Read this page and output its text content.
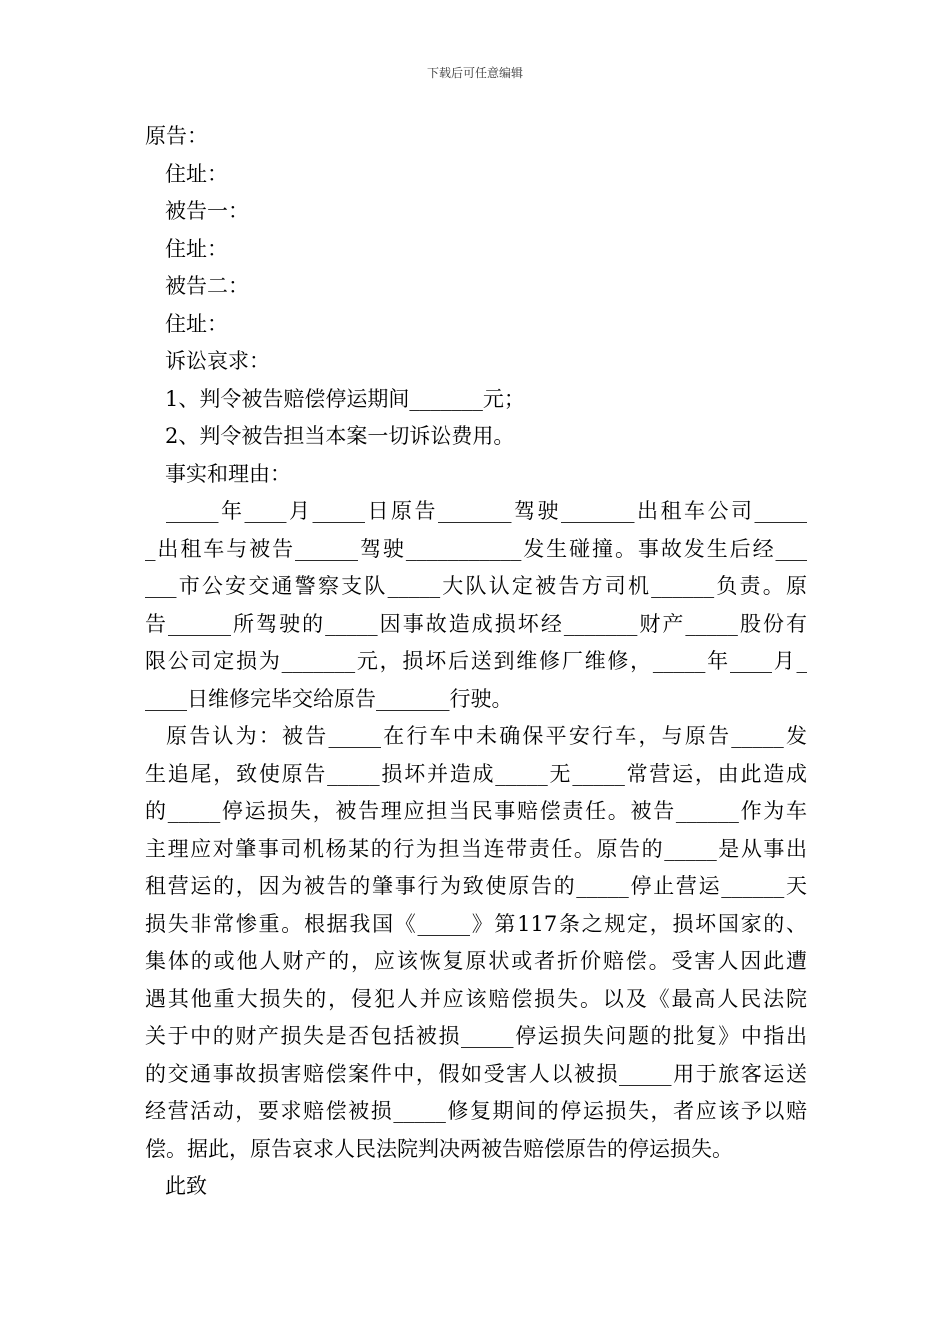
下载后可任意编辑
原告：
住址：
被告一：
住址：
被告二：
住址：
诉讼哀求：
1、判令被告赔偿停运期间_______元；
2、判令被告担当本案一切诉讼费用。
事实和理由：
_____年____月_____日原告_______驾驶_______出租车公司_____
_出租车与被告______驾驶___________发生碰撞。事故发生后经___
___市公安交通警察支队_____大队认定被告方司机______负责。原
告______所驾驶的_____因事故造成损坏经_______财产_____股份有
限公司定损为_______元，损坏后送到维修厂维修，_____年____月_
____日维修完毕交给原告_______行驶。
原告认为：被告_____在行车中未确保平安行车，与原告_____发
生追尾，致使原告_____损坏并造成_____无_____常营运，由此造成
的_____停运损失，被告理应担当民事赔偿责任。被告______作为车
主理应对肇事司机杨某的行为担当连带责任。原告的_____是从事出
租营运的，因为被告的肇事行为致使原告的_____停止营运______天
损失非常惨重。根据我国《_____》第117条之规定，损坏国家的、
集体的或他人财产的，应该恢复原状或者折价赔偿。受害人因此遭
遇其他重大损失的，侵犯人并应该赔偿损失。以及《最高人民法院
关于中的财产损失是否包括被损_____停运损失问题的批复》中指出
的交通事故损害赔偿案件中，假如受害人以被损_____用于旅客运送
经营活动，要求赔偿被损_____修复期间的停运损失，者应该予以赔
偿。据此，原告哀求人民法院判决两被告赔偿原告的停运损失。
此致
